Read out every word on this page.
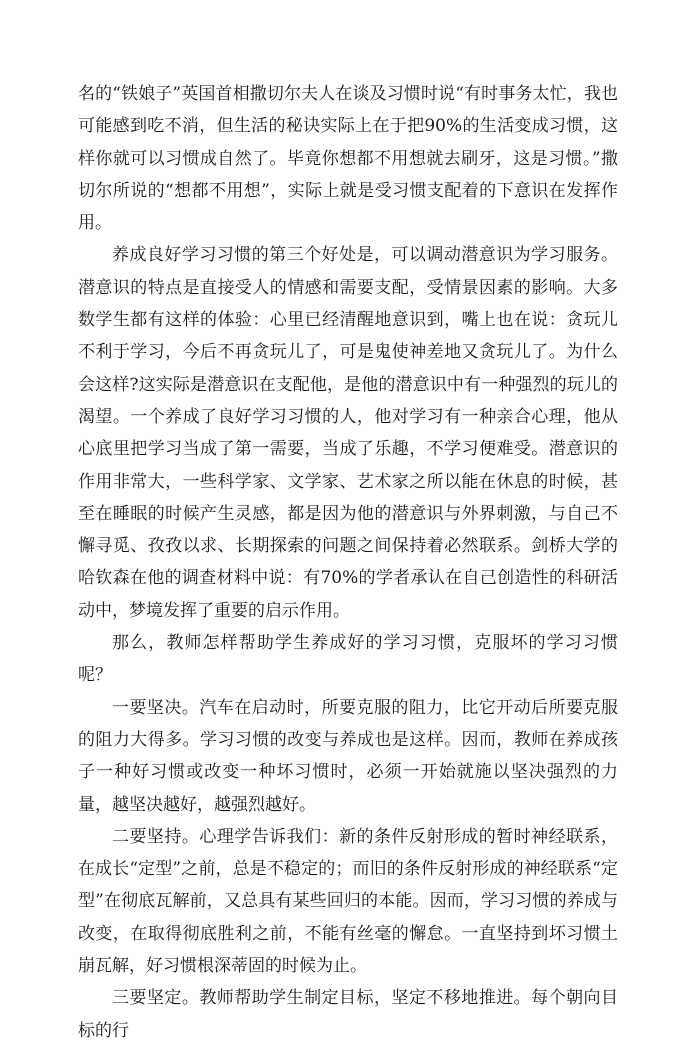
名的“铁娘子”英国首相撒切尔夫人在谈及习惯时说“有时事务太忙，我也可能感到吃不消，但生活的秘诀实际上在于把90%的生活变成习惯，这样你就可以习惯成自然了。毕竟你想都不用想就去刷牙，这是习惯。”撒切尔所说的“想都不用想”，实际上就是受习惯支配着的下意识在发挥作用。

养成良好学习习惯的第三个好处是，可以调动潜意识为学习服务。潜意识的特点是直接受人的情感和需要支配，受情景因素的影响。大多数学生都有这样的体验：心里已经清醒地意识到，嘴上也在说：贪玩儿不利于学习，今后不再贪玩儿了，可是鬼使神差地又贪玩儿了。为什么会这样?这实际是潜意识在支配他，是他的潜意识中有一种强烈的玩儿的渴望。一个养成了良好学习习惯的人，他对学习有一种亲合心理，他从心底里把学习当成了第一需要，当成了乐趣，不学习便难受。潜意识的作用非常大，一些科学家、文学家、艺术家之所以能在休息的时候，甚至在睡眠的时候产生灵感，都是因为他的潜意识与外界刺激，与自己不懈寻觅、孜孜以求、长期探索的问题之间保持着必然联系。剑桥大学的哈钦森在他的调查材料中说：有70%的学者承认在自己创造性的科研活动中，梦境发挥了重要的启示作用。

那么，教师怎样帮助学生养成好的学习习惯，克服坏的学习习惯呢？

一要坚决。汽车在启动时，所要克服的阻力，比它开动后所要克服的阻力大得多。学习习惯的改变与养成也是这样。因而，教师在养成孩子一种好习惯或改变一种坏习惯时，必须一开始就施以坚决强烈的力量，越坚决越好，越强烈越好。

二要坚持。心理学告诉我们：新的条件反射形成的暂时神经联系，在成长“定型”之前，总是不稳定的；而旧的条件反射形成的神经联系“定型”在彻底瓦解前，又总具有某些回归的本能。因而，学习习惯的养成与改变，在取得彻底胜利之前，不能有丝毫的懈怠。一直坚持到坏习惯土崩瓦解，好习惯根深蒂固的时候为止。

三要坚定。教师帮助学生制定目标，坚定不移地推进。每个朝向目标的行
